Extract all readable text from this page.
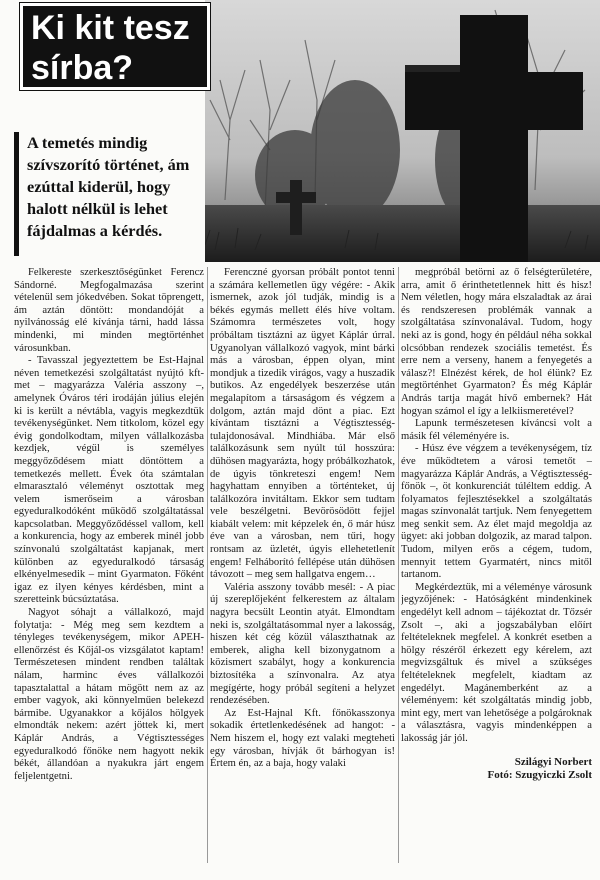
Ki kit tesz
sírba?
A temetés mindig szívszorító történet, ám ezúttal kiderül, hogy halott nélkül is lehet fájdalmas a kérdés.

Felkereste szerkesztőségünket Ferencz Sándorné. Megfogalmazása szerint vételenül sem jókedvében. Sokat töprengett, ám aztán döntött: mondandóját a nyilvánosság elé kívánja tárni, hadd lássa mindenki, mi minden megtörténhet városunkban.

- Tavasszal jegyeztettem be Est-Hajnal néven temetkezési szolgáltatást nyújtó kft-met – magyarázza Valéria asszony –, amelynek Óváros téri irodáján július elején ki is került a névtábla, vagyis megkezdtük tevékenységünket. Nem titkolom, közel egy évig gondolkodtam, milyen vállalkozásba kezdjek, végül is személyes meggyőződésem miatt döntöttem a temetkezés mellett. Évek óta számtalan elmarasztaló véleményt osztottak meg velem ismerőseim a városban egyeduralkodóként működő szolgáltatással kapcsolatban. Meggyőződéssel vallom, kell a konkurencia, hogy az emberek minél jobb színvonalú szolgáltatást kapjanak, mert különben az egyeduralkodó társaság elkényelmesedik – mint Gyarmaton. Főként igaz ez ilyen kényes kérdésben, mint a szeretteink búcsúztatása.

Nagyot sóhajt a vállalkozó, majd folytatja: - Még meg sem kezdtem a tényleges tevékenységem, mikor APEH-ellenőrzést és Kőjál-os vizsgálatot kaptam! Természetesen mindent rendben találtak nálam, harminc éves vállalkozói tapasztalattal a hátam mögött nem az az ember vagyok, aki könnyelműen belekezd bármibe. Ugyanakkor a kőjálos hölgyek elmondták nekem: azért jöttek ki, mert Káplár András, a Végtisztességes egyeduralkodó főnöke nem hagyott nekik békét, állandóan a nyakukra járt engem feljelentgetni.

Ferenczné gyorsan próbált pontot tenni a számára kellemetlen ügy végére: - Akik ismernek, azok jól tudják, mindig is a békés egymás mellett élés híve voltam. Számomra természetes volt, hogy próbáltam tisztázni az ügyet Káplár úrral. Ugyanolyan vállalkozó vagyok, mint bárki más a városban, éppen olyan, mint mondjuk a tizedik virágos, vagy a huszadik butikos. Az engedélyek beszerzése után megalapítom a társaságom és végzem a dolgom, aztán majd dönt a piac. Ezt kívántam tisztázni a Végtisztesség-tulajdonosával. Mindhiába. Már első találkozásunk sem nyúlt túl hosszúra: dühösen magyarázta, hogy próbálkozhatok, de úgyis tönkreteszi engem! Nem hagyhattam ennyiben a történteket, új találkozóra invitáltam. Ekkor sem tudtam vele beszélgetni. Bevörösödött fejjel kiabált velem: mit képzelek én, ő már húsz éve van a városban, nem tűri, hogy rontsam az üzletét, úgyis ellehetetlenít engem! Felháborító fellépése után dühösen távozott – meg sem hallgatva engem…

Valéria asszony tovább mesél: - A piac új szereplőjeként felkerestem az általam nagyra becsült Leontin atyát. Elmondtam neki is, szolgáltatásommal nyer a lakosság, hiszen két cég közül választhatnak az emberek, aligha kell bizonygatnom a közismert szabályt, hogy a konkurencia biztosítéka a színvonalra. Az atya megígérte, hogy próbál segíteni a helyzet rendezésében.

Az Est-Hajnal Kft. főnökasszonya sokadik értetlenkedésének ad hangot: - Nem hiszem el, hogy ezt valaki megteheti egy városban, hívják őt bárhogyan is! Értem én, az a baja, hogy valaki

megpróbál betörni az ő felségterületére, arra, amit ő érinthetetlennek hitt és hisz! Nem véletlen, hogy mára elszaladtak az árai és rendszeresen problémák vannak a szolgáltatása színvonalával. Tudom, hogy neki az is gond, hogy én például néha sokkal olcsóbban rendezek szociális temetést. És erre nem a verseny, hanem a fenyegetés a válasz?! Elnézést kérek, de hol élünk? Ez megtörténhet Gyarmaton? És még Káplár András tartja magát hívő embernek? Hát hogyan számol el így a lelkiismeretével?

Lapunk természetesen kíváncsi volt a másik fél véleményére is.

- Húsz éve végzem a tevékenységem, tíz éve működtetem a városi temetőt – magyarázza Káplár András, a Végtisztesség-főnök –, öt konkurenciát túléltem eddig. A folyamatos fejlesztésekkel a szolgáltatás magas színvonalát tartjuk. Nem fenyegettem meg senkit sem. Az élet majd megoldja az ügyet: aki jobban dolgozik, az marad talpon. Tudom, milyen erős a cégem, tudom, mennyit tettem Gyarmatért, nincs mitől tartanom.

Megkérdeztük, mi a véleménye városunk jegyzőjének: - Hatóságként mindenkinek engedélyt kell adnom – tájékoztat dr. Tőzsér Zsolt –, aki a jogszabályban előírt feltételeknek megfelel. A konkrét esetben a hölgy részéről érkezett egy kérelem, azt megvizsgáltuk és mivel a szükséges feltételeknek megfelelt, kiadtam az engedélyt. Magánemberként az a véleményem: két szolgáltatás mindig jobb, mint egy, mert van lehetősége a polgároknak a választásra, vagyis mindenképpen a lakosság jár jól.

Szilágyi Norbert
Fotó: Szugyiczki Zsolt
